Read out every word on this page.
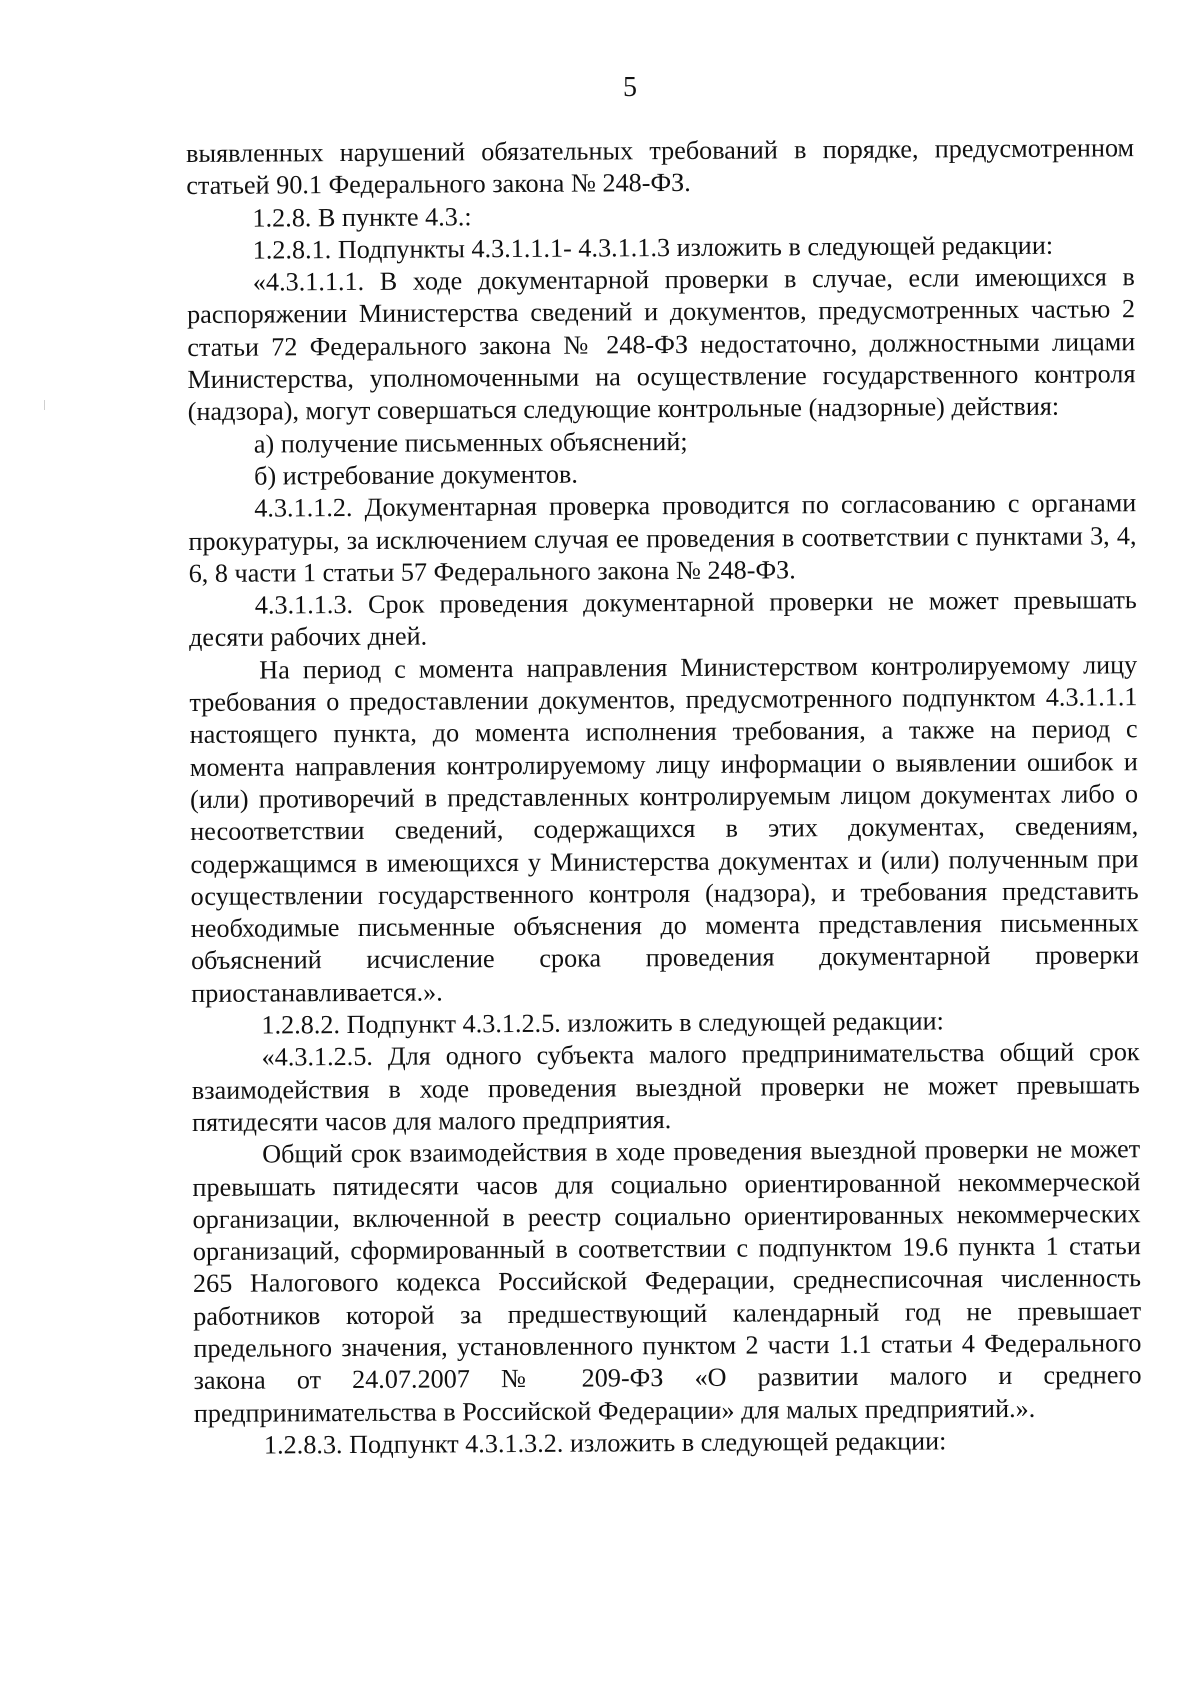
5

выявленных нарушений обязательных требований в порядке, предусмотренном статьей 90.1 Федерального закона № 248-ФЗ.

1.2.8. В пункте 4.3.:

1.2.8.1. Подпункты 4.3.1.1.1- 4.3.1.1.3 изложить в следующей редакции:

«4.3.1.1.1. В ходе документарной проверки в случае, если имеющихся в распоряжении Министерства сведений и документов, предусмотренных частью 2 статьи 72 Федерального закона № 248-ФЗ недостаточно, должностными лицами Министерства, уполномоченными на осуществление государственного контроля (надзора), могут совершаться следующие контрольные (надзорные) действия:

а) получение письменных объяснений;

б) истребование документов.

4.3.1.1.2. Документарная проверка проводится по согласованию с органами прокуратуры, за исключением случая ее проведения в соответствии с пунктами 3, 4, 6, 8 части 1 статьи 57 Федерального закона № 248-ФЗ.

4.3.1.1.3. Срок проведения документарной проверки не может превышать десяти рабочих дней.

На период с момента направления Министерством контролируемому лицу требования о предоставлении документов, предусмотренного подпунктом 4.3.1.1.1 настоящего пункта, до момента исполнения требования, а также на период с момента направления контролируемому лицу информации о выявлении ошибок и (или) противоречий в представленных контролируемым лицом документах либо о несоответствии сведений, содержащихся в этих документах, сведениям, содержащимся в имеющихся у Министерства документах и (или) полученным при осуществлении государственного контроля (надзора), и требования представить необходимые письменные объяснения до момента представления письменных объяснений исчисление срока проведения документарной проверки приостанавливается.».

1.2.8.2. Подпункт 4.3.1.2.5. изложить в следующей редакции:

«4.3.1.2.5. Для одного субъекта малого предпринимательства общий срок взаимодействия в ходе проведения выездной проверки не может превышать пятидесяти часов для малого предприятия.

Общий срок взаимодействия в ходе проведения выездной проверки не может превышать пятидесяти часов для социально ориентированной некоммерческой организации, включенной в реестр социально ориентированных некоммерческих организаций, сформированный в соответствии с подпунктом 19.6 пункта 1 статьи 265 Налогового кодекса Российской Федерации, среднесписочная численность работников которой за предшествующий календарный год не превышает предельного значения, установленного пунктом 2 части 1.1 статьи 4 Федерального закона от 24.07.2007 № 209-ФЗ «О развитии малого и среднего предпринимательства в Российской Федерации» для малых предприятий.».

1.2.8.3. Подпункт 4.3.1.3.2. изложить в следующей редакции:
